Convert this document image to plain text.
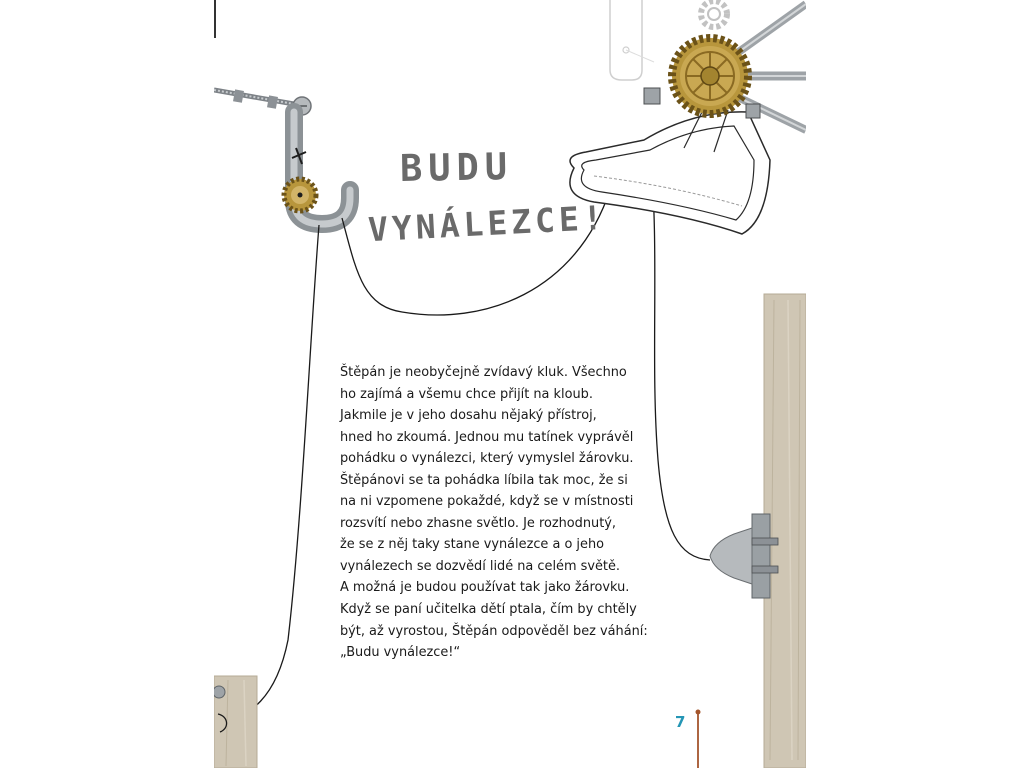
BUDU
VYNÁLEZCE!
Štěpán je neobyčejně zvídavý kluk. Všechno
ho zajímá a všemu chce přijít na kloub.
Jakmile je v jeho dosahu nějaký přístroj,
hned ho zkoumá. Jednou mu tatínek vyprávěl
pohádku o vynálezci, který vymyslel žárovku.
Štěpánovi se ta pohádka líbila tak moc, že si
na ni vzpomene pokaždé, když se v místnosti
rozsvítí nebo zhasne světlo. Je rozhodnutý,
že se z něj taky stane vynálezce a o jeho
vynálezech se dozvědí lidé na celém světě.
A možná je budou používat tak jako žárovku.
Když se paní učitelka dětí ptala, čím by chtěly
být, až vyrostou, Štěpán odpověděl bez váhání:
„Budu vynálezce!“
7
